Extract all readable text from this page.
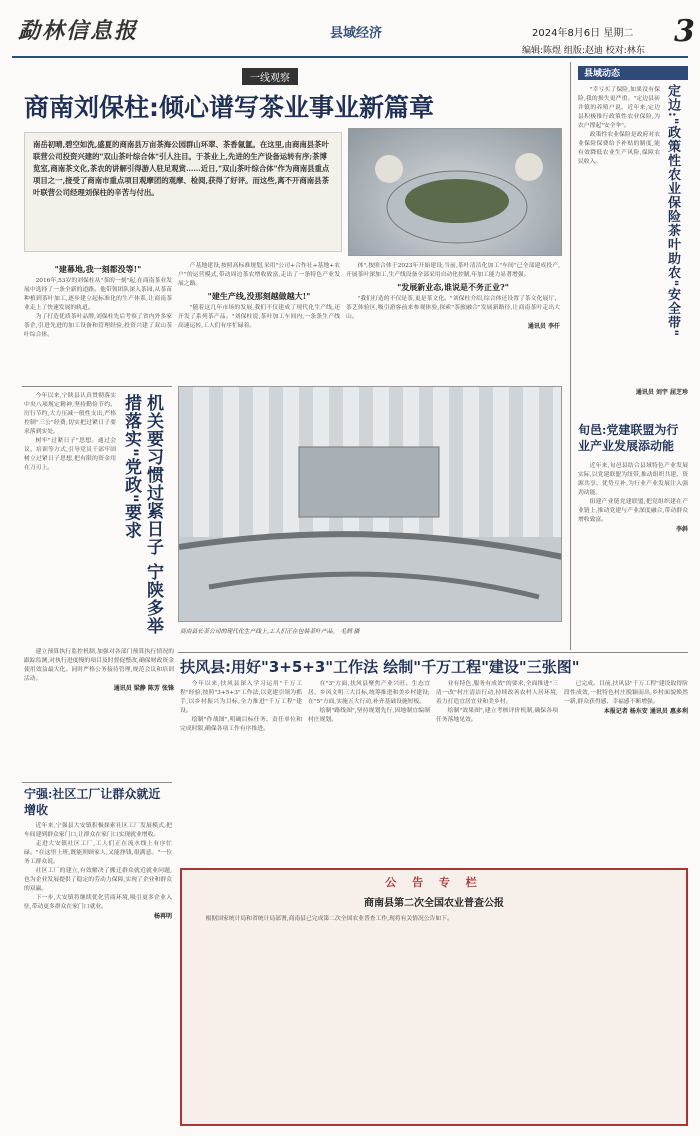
勐林信息报	县域经济	2024年8月6日 星期二 3
编辑:陈煜 组版:赵迪 校对:林东
一线观察
商南刘保柱:倾心谱写茶业事业新篇章
南岳初晴,碧空如洗,盛夏的商南县万亩茶海公园群山环翠、茶香氤氲。在这里,由商南县茶叶联营公司投资兴建的"双山茶叶综合体"引人注目。于茶业上,先进的生产设备运转有序;茶博览室,商南茶文化,茶农的讲解引得游人驻足观赏……近日,"双山茶叶综合体"作为商南县重点项目之一,接受了商南市重点项目观摩团的观摩、检阅,获得了好评。而这些,离不开商南县茶叶联营公司经理刘保柱的辛苦与付出。
"建幕地,我一刻都没等!"

2016年,53岁的刘保柱从"茶的一刻"起,在商南茶业发展中选择了一条全新的道路。他带领团队深入茶园,从茶苗种植到茶叶加工,逐步建立起标准化的生产体系,让商南茶业走上了快速发展的轨道。

为了打造优质茶叶品牌,刘保柱先后考察了省内外多家茶企,引进先进的加工设备和管理经验,投资兴建了双山茶叶综合体。

产基地建设,按照高标准规划,采用"公司+合作社+基地+农户"的运营模式,带动周边茶农增收致富,走出了一条特色产业发展之路。

"建生产线,没那刻越做越大!"

"随着这几年市场的发展,我们不仅建成了现代化生产线,还开发了系列茶产品。"刘保柱说,茶叶加工车间内,一条条生产线高速运转,工人们有序忙碌着。

体",按照合体于2023年开始建设,当前,茶叶清洁化加工"车间"已全部建成投产,开展茶叶深加工,生产线设备全部采用自动化控制,年加工能力显著增强。

"发展新业态,谁说是不务正业?"

"我们打造的不仅是茶,更是茶文化。"刘保柱介绍,综合体还设置了茶文化展厅、茶艺体验区,吸引游客前来参观体验,探索"茶旅融合"发展新路径,让商南茶叶走出大山。

通讯员 李仟
商南县长茶公司的现代化生产线上,工人们正在包装茶叶产品。 毛润 摄
机关要习惯过紧日子 宁陕多举措落实"党政"要求

今年以来,宁陕县认真贯彻落实中央八项规定精神,坚持勤俭节约、厉行节约,大力压减一般性支出,严格控制"三公"经费,切实把过紧日子要求落到实处。

树牢"过紧日子"思想。通过会议、培训等方式,引导党员干部牢固树立过紧日子思想,把有限的资金用在刀刃上。

建立预算执行监控机制,加强对各部门预算执行情况的跟踪监测,对执行进度慢的项目及时督促整改,确保财政资金使用效益最大化。同时严格公务接待管理,规范会议和培训活动。

通讯员 梁静 陈芳 张锋
宁强:社区工厂让群众就近增收

近年来,宁强县大安镇积极探索社区工厂发展模式,把车间建到群众家门口,让群众在家门口实现就业增收。

走进大安镇社区工厂,工人们正在流水线上有序忙碌。"在这里上班,既能照顾家人,又能挣钱,很满意。"一位务工群众说。

社区工厂的建立,有效解决了搬迁群众就近就业问题,也为企业发展提供了稳定的劳动力保障,实现了企业和群众的双赢。

下一步,大安镇将继续优化营商环境,吸引更多企业入驻,带动更多群众在家门口就业。

杨再明
县域动态
定边:"政策性农业保险茶叶助农"安全带"

"幸亏买了保险,如果没有保险,我的损失更严重。"定边县砖井镇的养殖户说。近年来,定边县积极推行政策性农业保险,为农户撑起"安全伞"。

政策性农业保险是政府对农业保险保费给予补贴的制度,能有效降低农业生产风险,保障农民收入。

通讯员 刘宇 屈芝珍
旬邑:党建联盟为行业产业发展添动能

近年来,旬邑县结合县域特色产业发展实际,以党建联盟为纽带,推动组织共建、资源共享、优势互补,为行业产业发展注入强劲动能。

组建产业链党建联盟,把党组织建在产业链上,推动党建与产业深度融合,带动群众增收致富。

李斜
扶风县:用好"3+5+3"工作法 绘制"千万工程"建设"三张图"

今年以来,扶风县深入学习运用"千万工程"经验,按照"3+5+3"工作法,以党建引领为抓手,以乡村振兴为目标,全力推进"千万工程"建设。

绘制"作战图",明确目标任务、责任单位和完成时限,确保各项工作有序推进。

在"3"方面,扶风县聚焦产业兴旺、生态宜居、乡风文明三大目标,统筹推进和美乡村建设;在"5"方面,实施五大行动,补齐基础设施短板。

绘制"路线图",坚持规划先行,因地制宜编制村庄规划。

业有特色,服务有成效"的要求,全面推进"三清一改"村庄清洁行动,持续改善农村人居环境,着力打造宜居宜业和美乡村。

绘制"效果图",建立考核评价机制,确保各项任务落地见效。

已完成。目前,扶风县"千万工程"建设取得阶段性成效,一批特色村庄脱颖而出,乡村面貌焕然一新,群众获得感、幸福感不断增强。

本报记者 杨东安 通讯员 惠多利
公 告 专 栏
商南县第二次全国农业普查公报

根据国家统计局和省统计局部署,商南县已完成第二次全国农业普查工作,现将有关情况公告如下。
